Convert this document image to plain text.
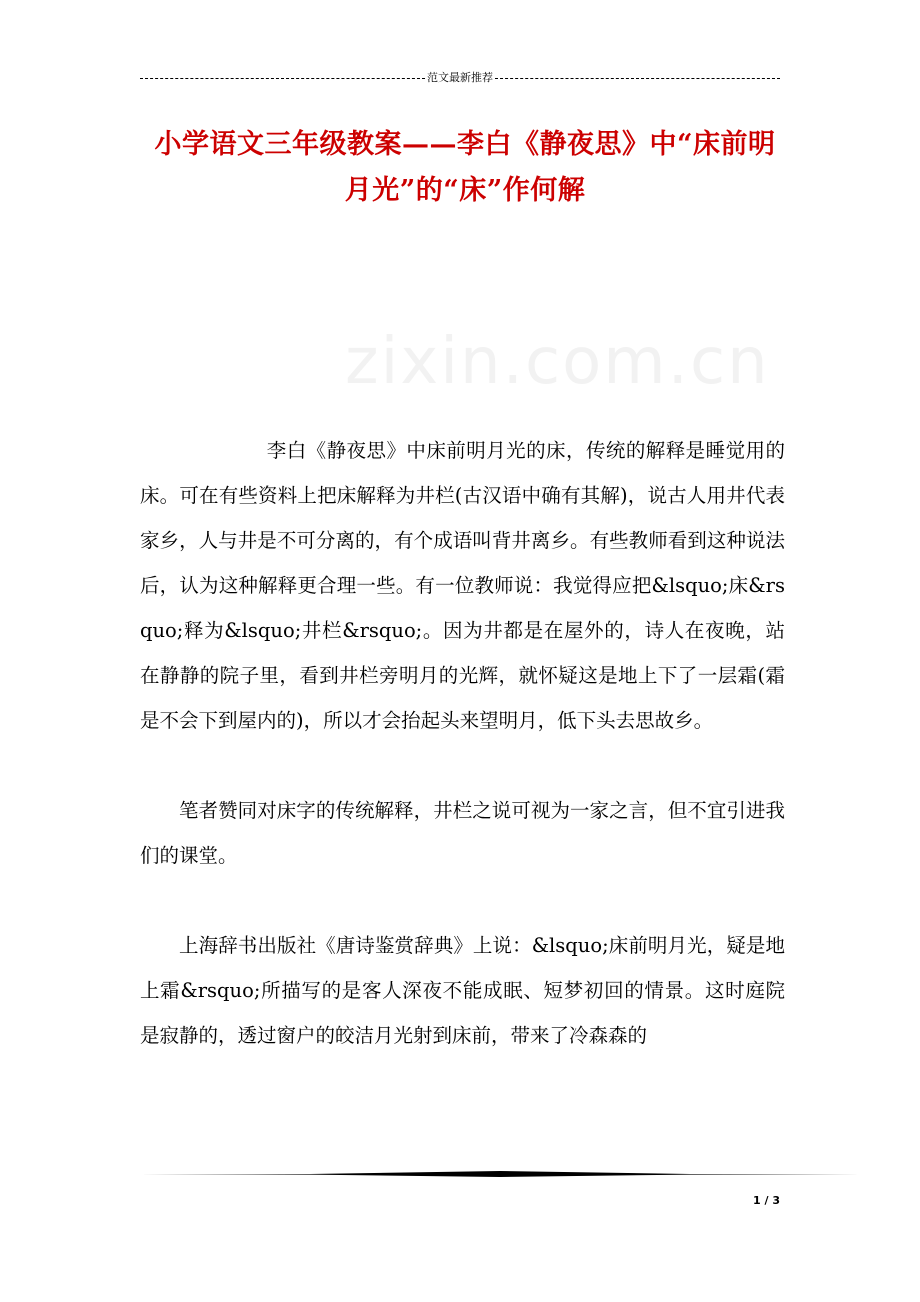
范文最新推荐
小学语文三年级教案——李白《静夜思》中“床前明
月光”的“床”作何解
zixin.com.cn

李白《静夜思》中床前明月光的床，传统的解释是睡觉用的床。可在有些资料上把床解释为井栏(古汉语中确有其解)，说古人用井代表家乡，人与井是不可分离的，有个成语叫背井离乡。有些教师看到这种说法后，认为这种解释更合理一些。有一位教师说：我觉得应把&lsquo;床&rsquo;释为&lsquo;井栏&rsquo;。因为井都是在屋外的，诗人在夜晚，站在静静的院子里，看到井栏旁明月的光辉，就怀疑这是地上下了一层霜(霜是不会下到屋内的)，所以才会抬起头来望明月，低下头去思故乡。

笔者赞同对床字的传统解释，井栏之说可视为一家之言，但不宜引进我们的课堂。

上海辞书出版社《唐诗鉴赏辞典》上说：&lsquo;床前明月光，疑是地上霜&rsquo;所描写的是客人深夜不能成眠、短梦初回的情景。这时庭院是寂静的，透过窗户的皎洁月光射到床前，带来了冷森森的

1 / 3
